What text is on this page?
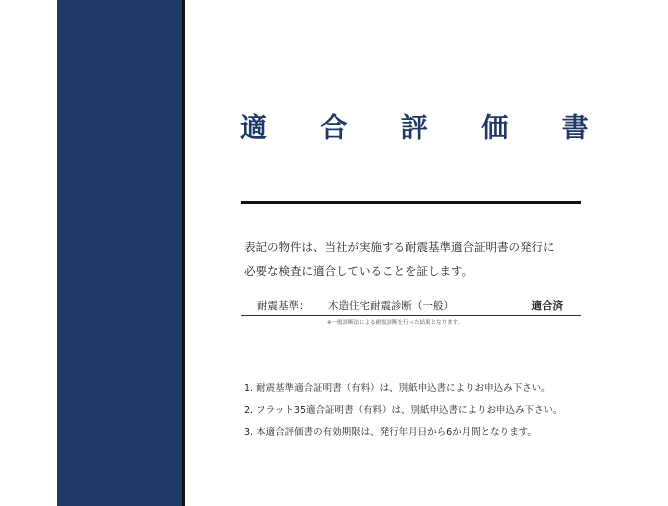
適 合 評 価 書
表記の物件は、当社が実施する耐震基準適合証明書の発行に
必要な検査に適合していることを証します。
耐震基準： 木造住宅耐震診断（一般）	適合済
※一般診断法による耐震診断を行った結果となります。
1. 耐震基準適合証明書（有料）は、別紙申込書によりお申込み下さい。
2. フラット35適合証明書（有料）は、別紙申込書によりお申込み下さい。
3. 本適合評価書の有効期限は、発行年月日から6か月間となります。
